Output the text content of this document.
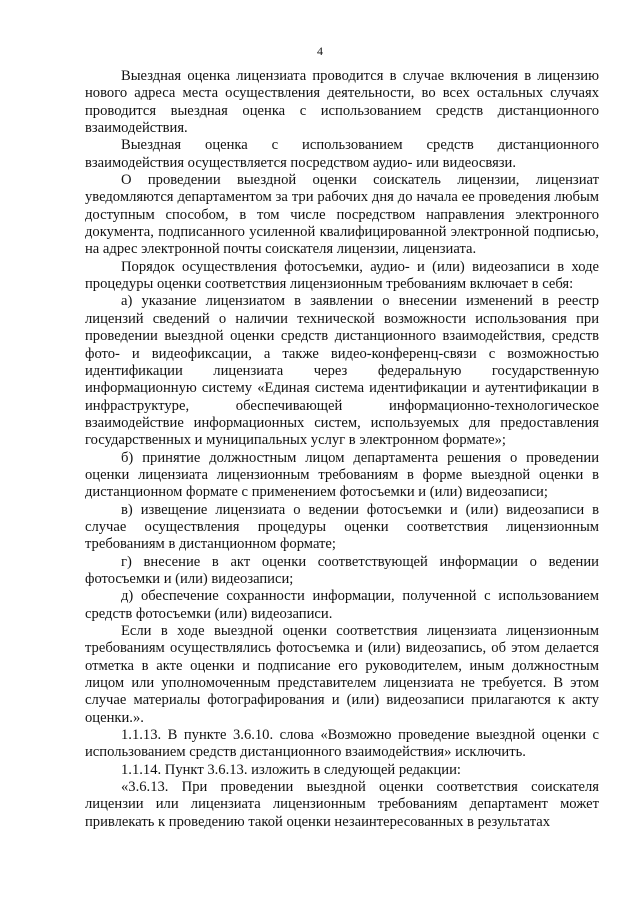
4

Выездная оценка лицензиата проводится в случае включения в лицензию нового адреса места осуществления деятельности, во всех остальных случаях проводится выездная оценка с использованием средств дистанционного взаимодействия.

Выездная оценка с использованием средств дистанционного взаимодействия осуществляется посредством аудио- или видеосвязи.

О проведении выездной оценки соискатель лицензии, лицензиат уведомляются департаментом за три рабочих дня до начала ее проведения любым доступным способом, в том числе посредством направления электронного документа, подписанного усиленной квалифицированной электронной подписью, на адрес электронной почты соискателя лицензии, лицензиата.

Порядок осуществления фотосъемки, аудио- и (или) видеозаписи в ходе процедуры оценки соответствия лицензионным требованиям включает в себя:

а) указание лицензиатом в заявлении о внесении изменений в реестр лицензий сведений о наличии технической возможности использования при проведении выездной оценки средств дистанционного взаимодействия, средств фото- и видеофиксации, а также видео-конференц-связи с возможностью идентификации лицензиата через федеральную государственную информационную систему «Единая система идентификации и аутентификации в инфраструктуре, обеспечивающей информационно-технологическое взаимодействие информационных систем, используемых для предоставления государственных и муниципальных услуг в электронном формате»;

б) принятие должностным лицом департамента решения о проведении оценки лицензиата лицензионным требованиям в форме выездной оценки в дистанционном формате с применением фотосъемки и (или) видеозаписи;

в) извещение лицензиата о ведении фотосъемки и (или) видеозаписи в случае осуществления процедуры оценки соответствия лицензионным требованиям в дистанционном формате;

г) внесение в акт оценки соответствующей информации о ведении фотосъемки и (или) видеозаписи;

д) обеспечение сохранности информации, полученной с использованием средств фотосъемки (или) видеозаписи.

Если в ходе выездной оценки соответствия лицензиата лицензионным требованиям осуществлялись фотосъемка и (или) видеозапись, об этом делается отметка в акте оценки и подписание его руководителем, иным должностным лицом или уполномоченным представителем лицензиата не требуется. В этом случае материалы фотографирования и (или) видеозаписи прилагаются к акту оценки.».

1.1.13. В пункте 3.6.10. слова «Возможно проведение выездной оценки с использованием средств дистанционного взаимодействия» исключить.

1.1.14. Пункт 3.6.13. изложить в следующей редакции:

«3.6.13. При проведении выездной оценки соответствия соискателя лицензии или лицензиата лицензионным требованиям департамент может привлекать к проведению такой оценки незаинтересованных в результатах
